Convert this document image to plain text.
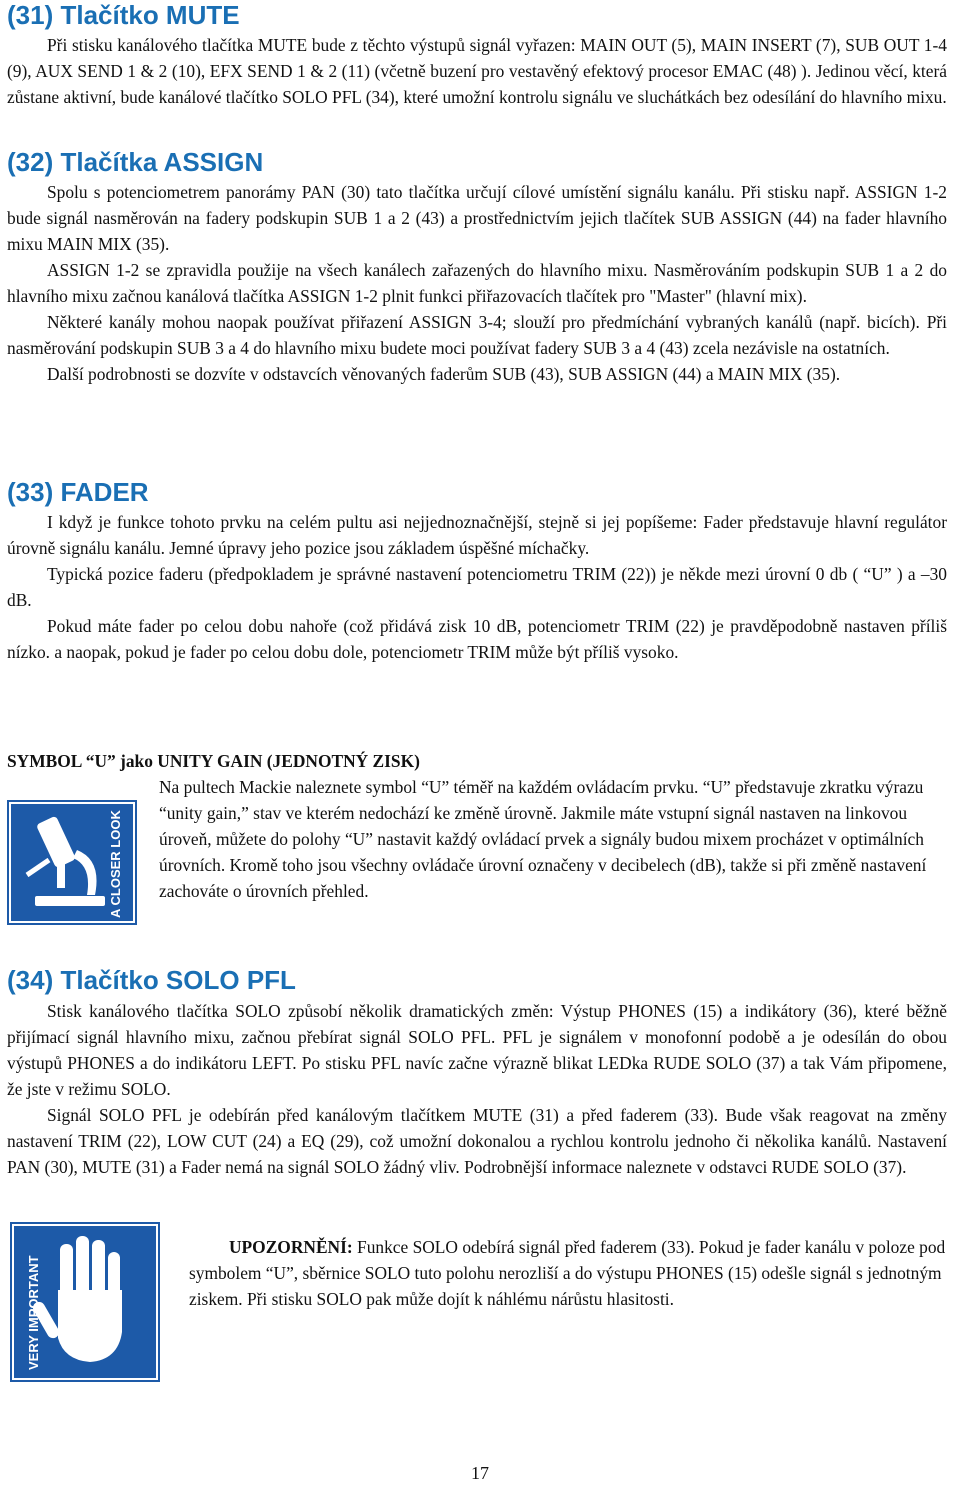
(31) Tlačítko MUTE

Při stisku kanálového tlačítka MUTE bude z těchto výstupů signál vyřazen: MAIN OUT (5), MAIN INSERT (7), SUB OUT 1-4 (9), AUX SEND 1 & 2 (10), EFX SEND 1 & 2 (11) (včetně buzení pro vestavěný efektový procesor EMAC (48) ). Jedinou věcí, která zůstane aktivní, bude kanálové tlačítko SOLO PFL (34), které umožní kontrolu signálu ve sluchátkách bez odesílání do hlavního mixu.

(32) Tlačítka ASSIGN

Spolu s potenciometrem panorámy PAN (30) tato tlačítka určují cílové umístění signálu kanálu. Při stisku např. ASSIGN 1-2 bude signál nasměrován na fadery podskupin SUB 1 a 2 (43) a prostřednictvím jejich tlačítek SUB ASSIGN (44) na fader hlavního mixu MAIN MIX (35).

ASSIGN 1-2 se zpravidla použije na všech kanálech zařazených do hlavního mixu. Nasměrováním podskupin SUB 1 a 2 do hlavního mixu začnou kanálová tlačítka ASSIGN 1-2 plnit funkci přiřazovacích tlačítek pro "Master" (hlavní mix).

Některé kanály mohou naopak používat přiřazení ASSIGN 3-4; slouží pro předmíchání vybraných kanálů (např. bicích). Při nasměrování podskupin SUB 3 a 4 do hlavního mixu budete moci používat fadery SUB 3 a 4 (43) zcela nezávisle na ostatních.

Další podrobnosti se dozvíte v odstavcích věnovaných faderům SUB (43), SUB ASSIGN (44) a MAIN MIX (35).

(33) FADER

I když je funkce tohoto prvku na celém pultu asi nejjednoznačnější, stejně si jej popíšeme: Fader představuje hlavní regulátor úrovně signálu kanálu. Jemné úpravy jeho pozice jsou základem úspěšné míchačky.

Typická pozice faderu (předpokladem je správné nastavení potenciometru TRIM (22)) je někde mezi úrovní 0 db ( “U” ) a –30 dB.

Pokud máte fader po celou dobu nahoře (což přidává zisk 10 dB, potenciometr TRIM (22) je pravděpodobně nastaven příliš nízko. a naopak, pokud je fader po celou dobu dole, potenciometr TRIM může být příliš vysoko.

SYMBOL “U” jako UNITY GAIN (JEDNOTNÝ ZISK)
A CLOSER LOOK

Na pultech Mackie naleznete symbol “U” téměř na každém ovládacím prvku. “U” představuje zkratku výrazu “unity gain,” stav ve kterém nedochází ke změně úrovně. Jakmile máte vstupní signál nastaven na linkovou úroveň, můžete do polohy “U” nastavit každý ovládací prvek a signály budou mixem procházet v optimálních úrovních. Kromě toho jsou všechny ovládače úrovní označeny v decibelech (dB), takže si při změně nastavení zachováte o úrovních přehled.

(34) Tlačítko SOLO PFL

Stisk kanálového tlačítka SOLO způsobí několik dramatických změn: Výstup PHONES (15) a indikátory (36), které běžně přijímací signál hlavního mixu, začnou přebírat signál SOLO PFL. PFL je signálem v monofonní podobě a je odesílán do obou výstupů PHONES a do indikátoru LEFT. Po stisku PFL navíc začne výrazně blikat LEDka RUDE SOLO (37) a tak Vám připomene, že jste v režimu SOLO.

Signál SOLO PFL je odebírán před kanálovým tlačítkem MUTE (31) a před faderem (33). Bude však reagovat na změny nastavení TRIM (22), LOW CUT (24) a EQ (29), což umožní dokonalou a rychlou kontrolu jednoho či několika kanálů. Nastavení PAN (30), MUTE (31) a Fader nemá na signál SOLO žádný vliv. Podrobnější informace naleznete v odstavci RUDE SOLO (37).

VERY IMPORTANT

UPOZORNĚNÍ: Funkce SOLO odebírá signál před faderem (33). Pokud je fader kanálu v poloze pod symbolem “U”, sběrnice SOLO tuto polohu nerozliší a do výstupu PHONES (15) odešle signál s jednotným ziskem. Při stisku SOLO pak může dojít k náhlému nárůstu hlasitosti.

17
